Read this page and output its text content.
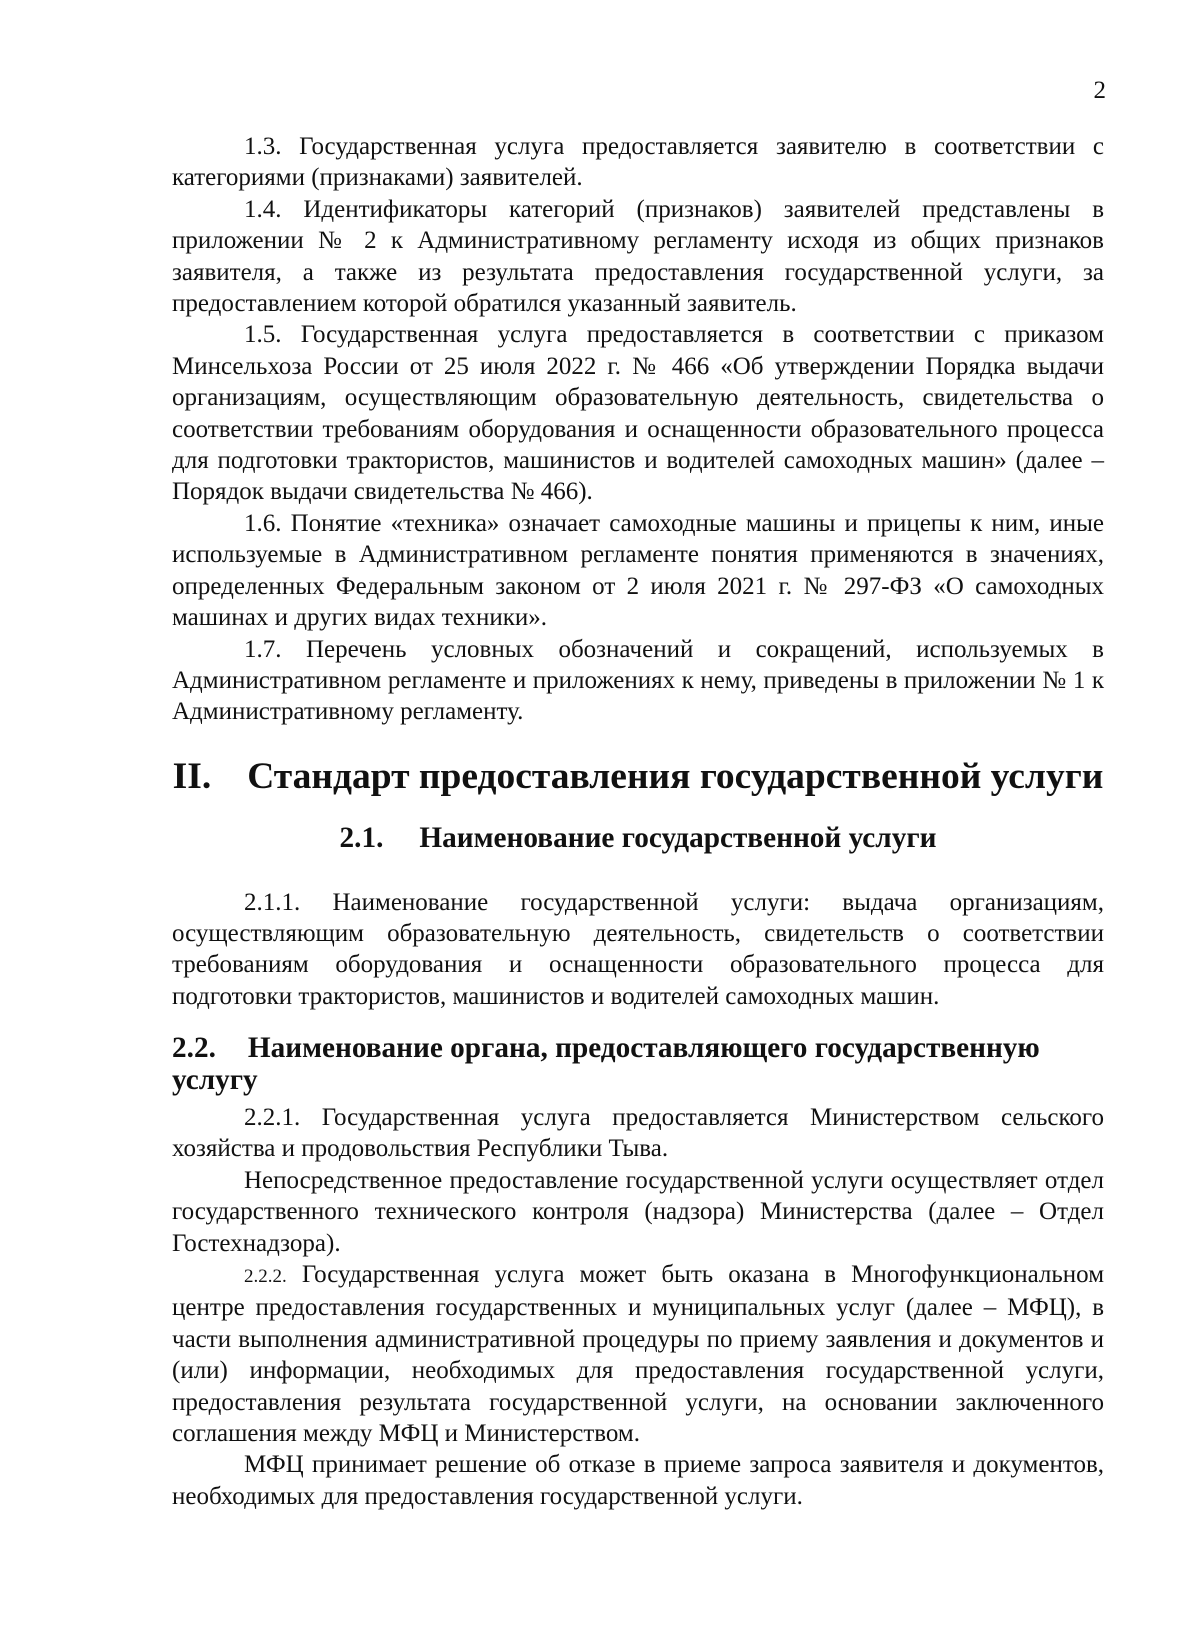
2

1.3. Государственная услуга предоставляется заявителю в соответствии с категориями (признаками) заявителей.

1.4. Идентификаторы категорий (признаков) заявителей представлены в приложении № 2 к Административному регламенту исходя из общих признаков заявителя, а также из результата предоставления государственной услуги, за предоставлением которой обратился указанный заявитель.

1.5. Государственная услуга предоставляется в соответствии с приказом Минсельхоза России от 25 июля 2022 г. № 466 «Об утверждении Порядка выдачи организациям, осуществляющим образовательную деятельность, свидетельства о соответствии требованиям оборудования и оснащенности образовательного процесса для подготовки трактористов, машинистов и водителей самоходных машин» (далее – Порядок выдачи свидетельства № 466).

1.6. Понятие «техника» означает самоходные машины и прицепы к ним, иные используемые в Административном регламенте понятия применяются в значениях, определенных Федеральным законом от 2 июля 2021 г. № 297-ФЗ «О самоходных машинах и других видах техники».

1.7. Перечень условных обозначений и сокращений, используемых в Административном регламенте и приложениях к нему, приведены в приложении № 1 к Административному регламенту.

II. Стандарт предоставления государственной услуги
2.1. Наименование государственной услуги

2.1.1. Наименование государственной услуги: выдача организациям, осуществляющим образовательную деятельность, свидетельств о соответствии требованиям оборудования и оснащенности образовательного процесса для подготовки трактористов, машинистов и водителей самоходных машин.

2.2. Наименование органа, предоставляющего государственную услугу

2.2.1. Государственная услуга предоставляется Министерством сельского хозяйства и продовольствия Республики Тыва.

Непосредственное предоставление государственной услуги осуществляет отдел государственного технического контроля (надзора) Министерства (далее – Отдел Гостехнадзора).

2.2.2. Государственная услуга может быть оказана в Многофункциональном центре предоставления государственных и муниципальных услуг (далее – МФЦ), в части выполнения административной процедуры по приему заявления и документов и (или) информации, необходимых для предоставления государственной услуги, предоставления результата государственной услуги, на основании заключенного соглашения между МФЦ и Министерством.

МФЦ принимает решение об отказе в приеме запроса заявителя и документов, необходимых для предоставления государственной услуги.
